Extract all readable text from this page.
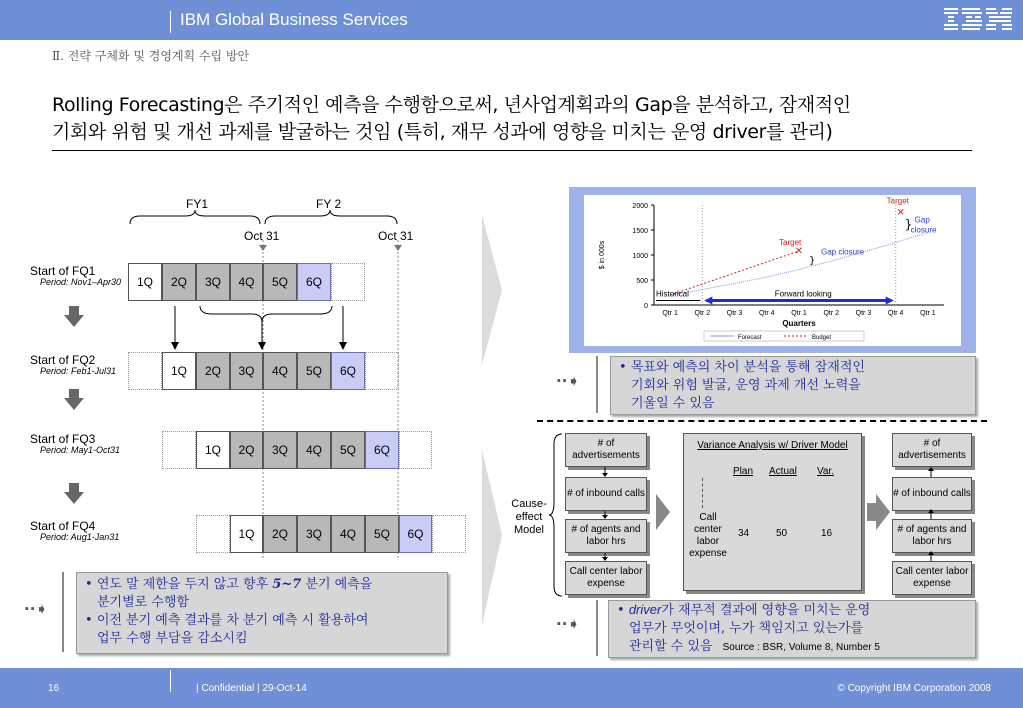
IBM Global Business Services
Ⅱ. 전략 구체화 및 경영계획 수립 방안
Rolling Forecasting은 주기적인 예측을 수행함으로써, 년사업계획과의 Gap을 분석하고, 잠재적인
기회와 위험 및 개선 과제를 발굴하는 것임 (특히, 재무 성과에 영향을 미치는 운영 driver를 관리)
FY1	FY 2
Oct 31	Oct 31
Start of FQ1
Period: Nov1–Apr30	1Q	2Q	3Q	4Q	5Q	6Q
Start of FQ2
Period: Feb1-Jul31	1Q	2Q	3Q	4Q	5Q	6Q
Start of FQ3
Period: May1-Oct31	1Q	2Q	3Q	4Q	5Q	6Q
Start of FQ4
Period: Aug1-Jan31	1Q	2Q	3Q	4Q	5Q	6Q
··➧
• 연도 말 제한을 두지 않고 향후 5~7 분기 예측을
분기별로 수행함
• 이전 분기 예측 결과를 차 분기 예측 시 활용하여
업무 수행 부담을 감소시킴
0
500
1000
1500
2000
Qtr 1 Qtr 2 Qtr 3 Qtr 4 Qtr 1 Qtr 2 Qtr 3 Qtr 4 Qtr 1
Quarters
$ in 000s	✕
Target
✕
Target
}
Gap closure
} Gap
closure
Historical	Forward looking
Forecast	Budget
··➧
• 목표와 예측의 차이 분석을 통해 잠재적인
기회와 위험 발굴, 운영 과제 개선 노력을
기울일 수 있음
Cause-
effect
Model
# of advertisements
# of inbound calls
# of agents and labor hrs
Call center labor expense
Variance Analysis w/ Driver Model
Plan Actual Var.
Call
center
labor
expense
34	50	16
# of advertisements
# of inbound calls
# of agents and labor hrs
Call center labor expense
··➧
• driver가 재무적 결과에 영향을 미치는 운영
업무가 무엇이며, 누가 책임지고 있는가를
관리할 수 있음 Source : BSR, Volume 8, Number 5
16	| Confidential | 29-Oct-14	© Copyright IBM Corporation 2008
